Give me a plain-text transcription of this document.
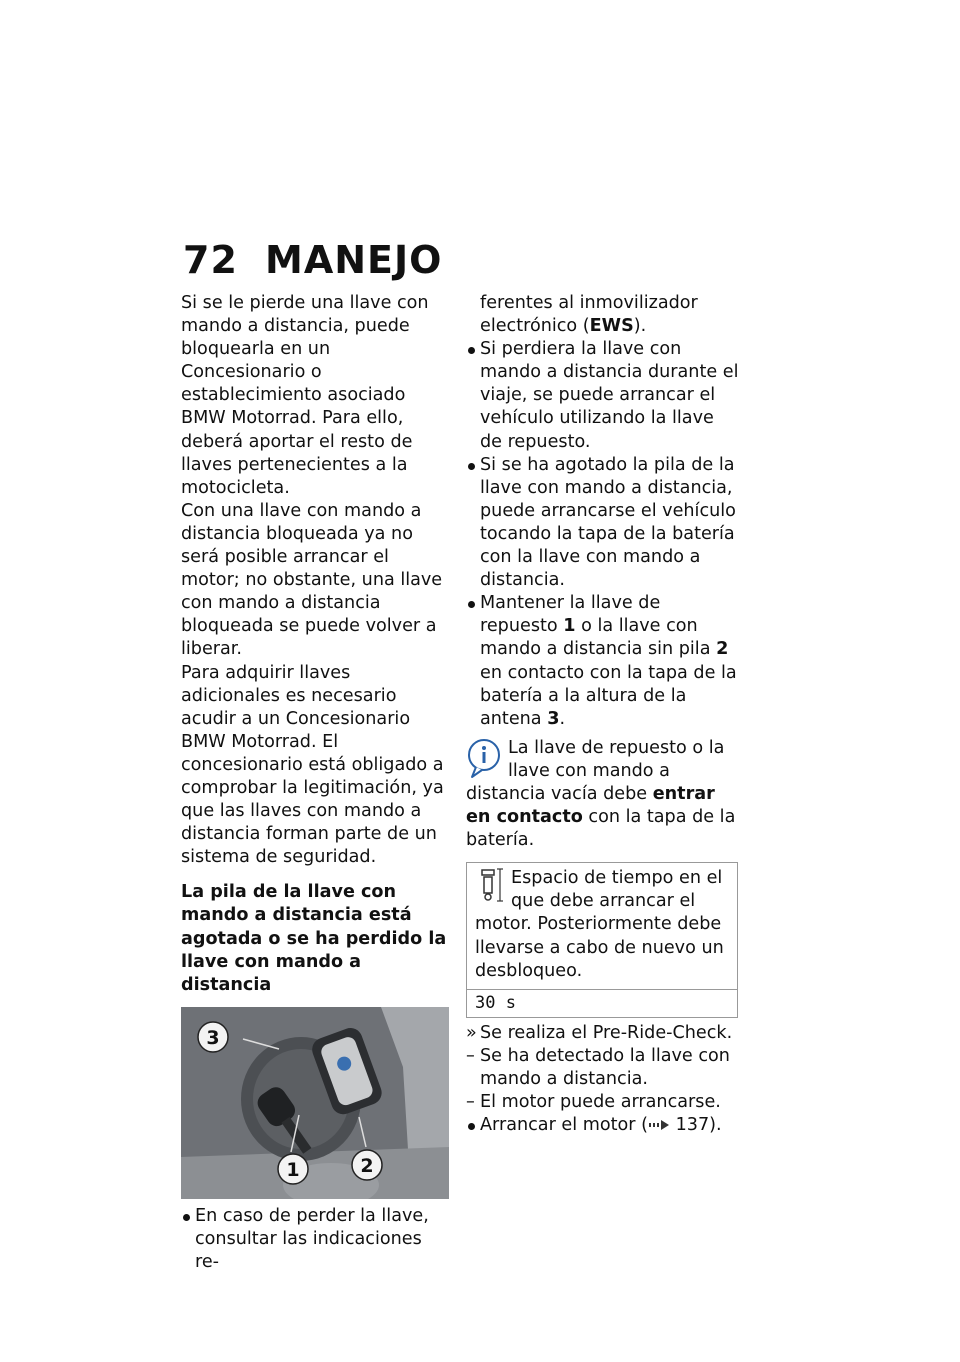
72 MANEJO

Si se le pierde una llave con mando a distancia, puede bloquearla en un Concesionario o establecimiento asociado BMW Motorrad. Para ello, deberá aportar el resto de llaves pertenecientes a la motocicleta.

Con una llave con mando a distancia bloqueada ya no será posible arrancar el motor; no obstante, una llave con mando a distancia bloqueada se puede volver a liberar.

Para adquirir llaves adicionales es necesario acudir a un Concesionario BMW Motorrad. El concesionario está obligado a comprobar la legitimación, ya que las llaves con mando a distancia forman parte de un sistema de seguridad.

La pila de la llave con mando a distancia está agotada o se ha perdido la llave con mando a distancia

3
1	2

En caso de perder la llave, consultar las indicaciones re-

ferentes al inmovilizador electrónico (EWS).

Si perdiera la llave con mando a distancia durante el viaje, se puede arrancar el vehículo utilizando la llave de repuesto.

Si se ha agotado la pila de la llave con mando a distancia, puede arrancarse el vehículo tocando la tapa de la batería con la llave con mando a distancia.

Mantener la llave de repuesto 1 o la llave con mando a distancia sin pila 2 en contacto con la tapa de la batería a la altura de la antena 3.

La llave de repuesto o la llave con mando a distancia vacía debe entrar en contacto con la tapa de la batería.
Espacio de tiempo en el que debe arrancar el motor. Posteriormente debe llevarse a cabo de nuevo un desbloqueo.
30 s

» Se realiza el Pre-Ride-Check.

– Se ha detectado la llave con mando a distancia.

– El motor puede arrancarse.

Arrancar el motor ( 137).
